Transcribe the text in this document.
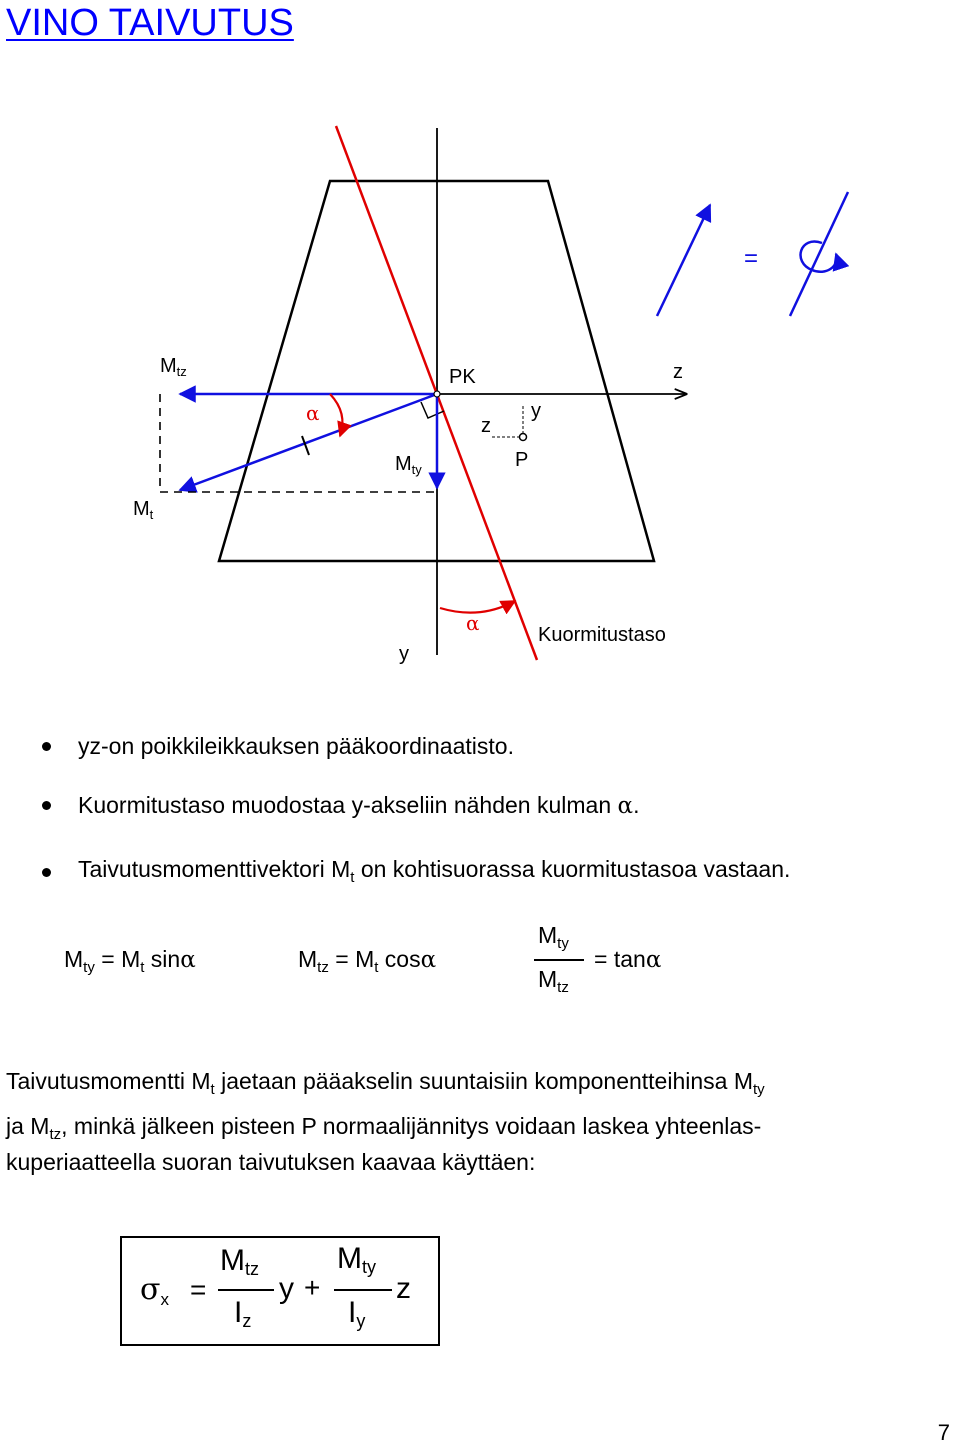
VINO TAIVUTUS
$M_{tz}$
$M_t$
$M_{ty}$
PK	z
z
y
P
y
α
α	Kuormitustaso
=
yz-on poikkileikkauksen pääkoordinaatisto.
Kuormitustaso muodostaa y-akseliin nähden kulman α.
Taivutusmomenttivektori $M_t$ on kohtisuorassa kuormitustasoa vastaan.
$M_{ty} = M_t$ sinα	$M_{tz} = M_t$ cosα
$M_{ty}$
$M_{tz}$
= tanα
Taivutusmomentti $M_t$ jaetaan pääakselin suuntaisiin komponentteihinsa $M_{ty}$
ja $M_{tz}$, minkä jälkeen pisteen P normaalijännitys voidaan laskea yhteenlas-
kuperiaatteella suoran taivutuksen kaavaa käyttäen:
$\sigma_x$ =
Mtz
Iz
y +
Mty
Iy
z
7
